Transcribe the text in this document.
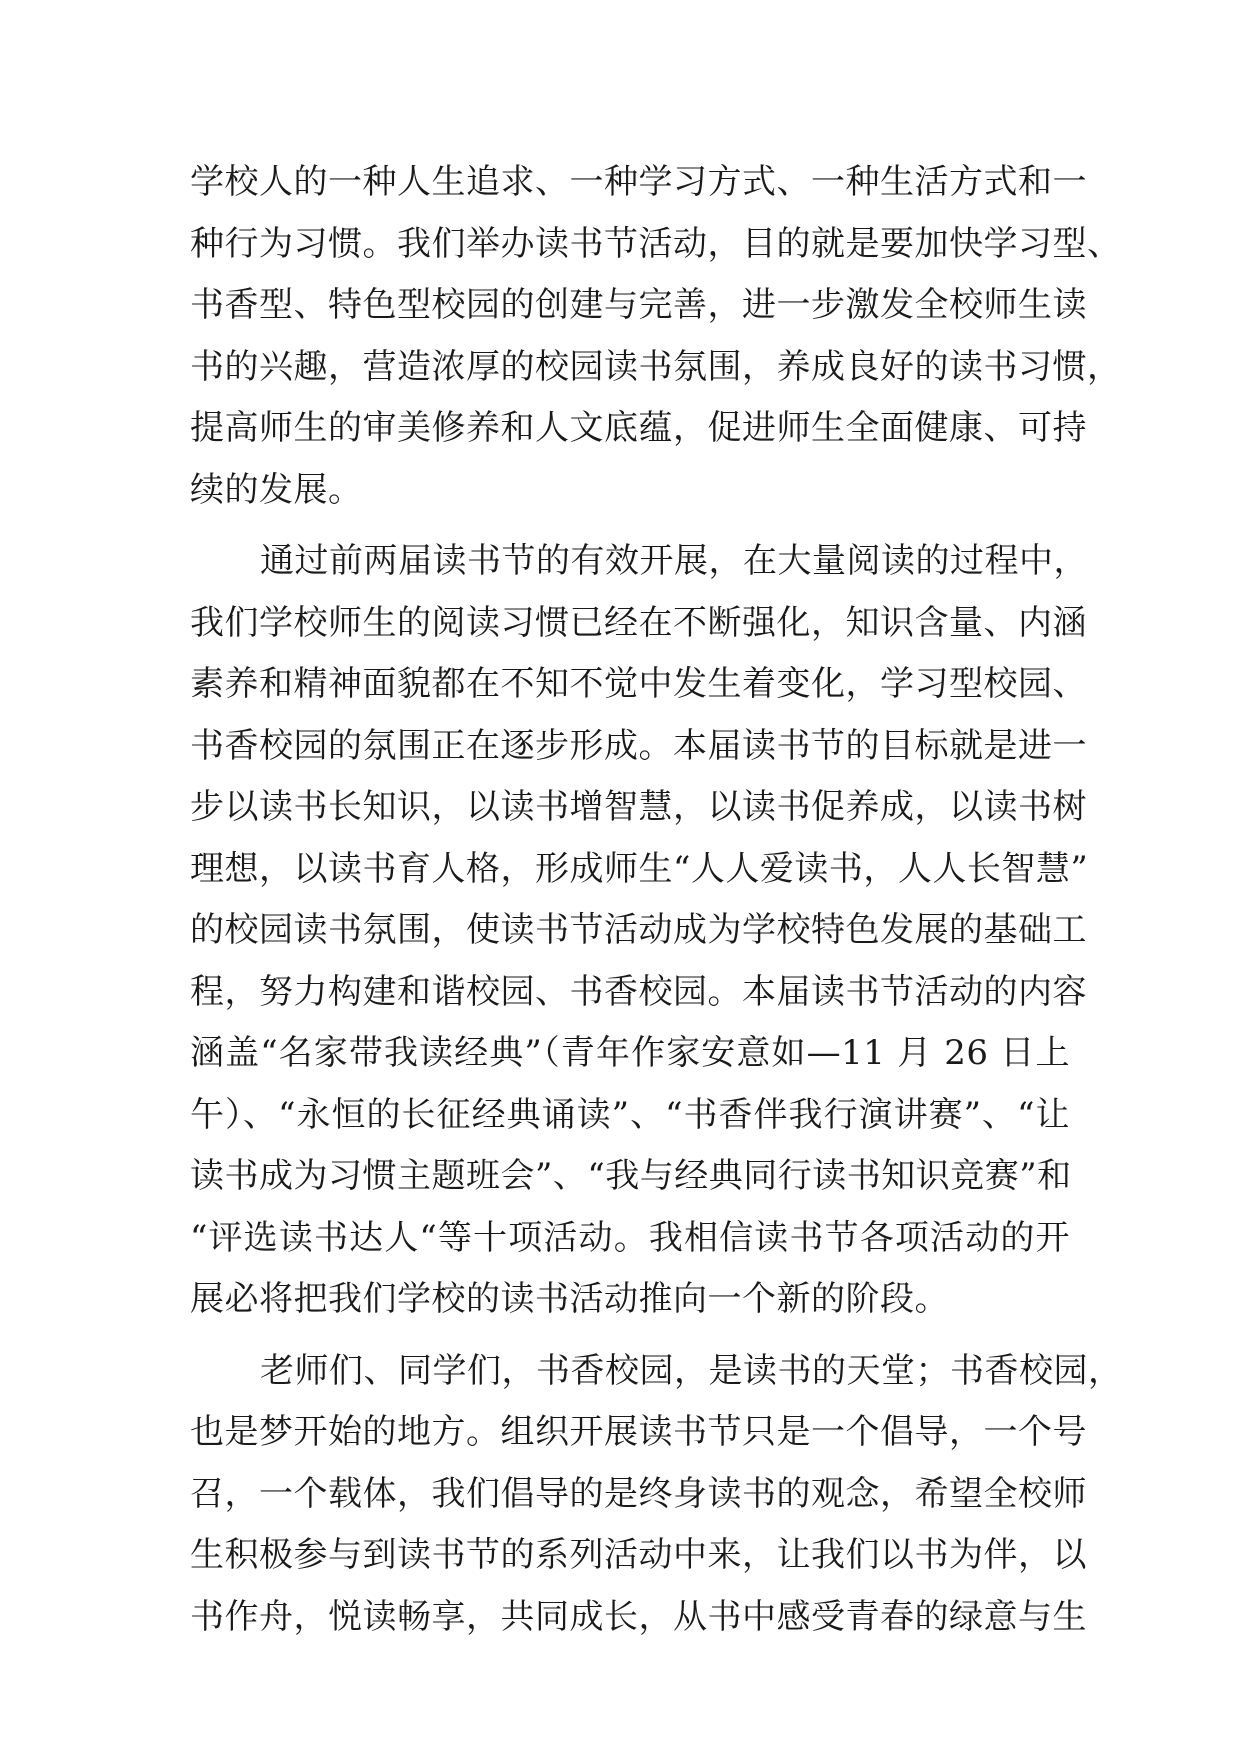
学校人的一种人生追求、一种学习方式、一种生活方式和一
种行为习惯。我们举办读书节活动，目的就是要加快学习型、
书香型、特色型校园的创建与完善，进一步激发全校师生读
书的兴趣，营造浓厚的校园读书氛围，养成良好的读书习惯，
提高师生的审美修养和人文底蕴，促进师生全面健康、可持
续的发展。
通过前两届读书节的有效开展，在大量阅读的过程中，
我们学校师生的阅读习惯已经在不断强化，知识含量、内涵
素养和精神面貌都在不知不觉中发生着变化，学习型校园、
书香校园的氛围正在逐步形成。本届读书节的目标就是进一
步以读书长知识，以读书增智慧，以读书促养成，以读书树
理想，以读书育人格，形成师生“人人爱读书，人人长智慧”
的校园读书氛围，使读书节活动成为学校特色发展的基础工
程，努力构建和谐校园、书香校园。本届读书节活动的内容
涵盖“名家带我读经典”（青年作家安意如—11 月 26 日上
午）、“永恒的长征经典诵读”、“书香伴我行演讲赛”、“让
读书成为习惯主题班会”、“我与经典同行读书知识竞赛”和
“评选读书达人“等十项活动。我相信读书节各项活动的开
展必将把我们学校的读书活动推向一个新的阶段。
老师们、同学们，书香校园，是读书的天堂；书香校园，
也是梦开始的地方。组织开展读书节只是一个倡导，一个号
召，一个载体，我们倡导的是终身读书的观念，希望全校师
生积极参与到读书节的系列活动中来，让我们以书为伴，以
书作舟，悦读畅享，共同成长，从书中感受青春的绿意与生
